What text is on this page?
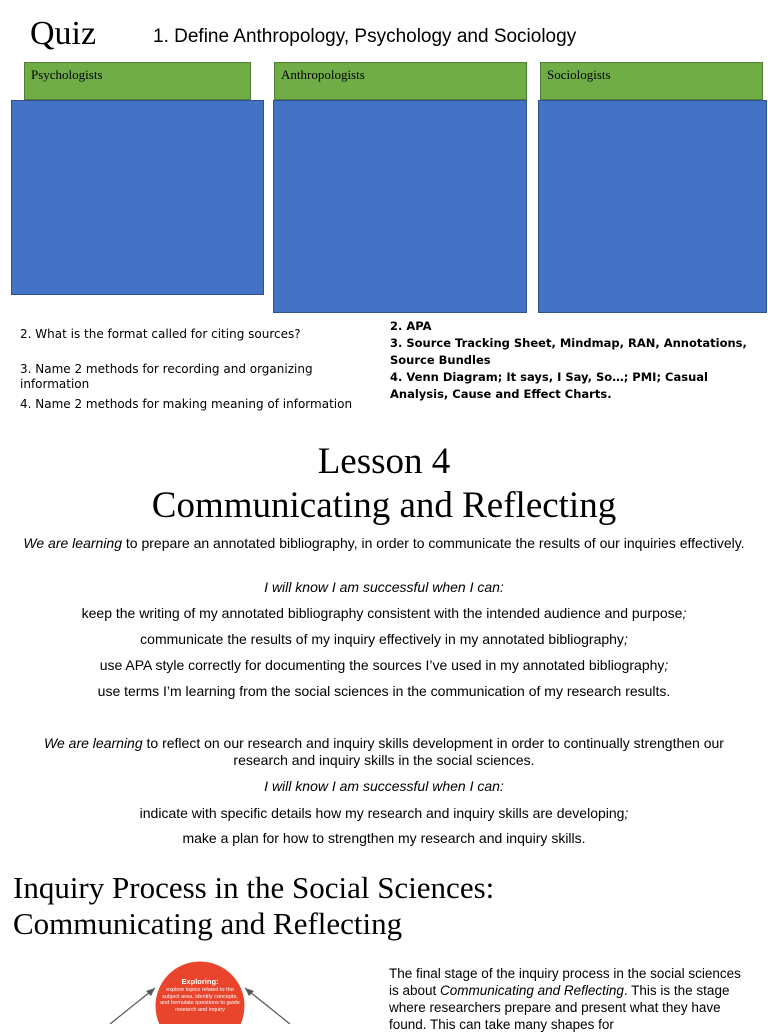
Quiz	1. Define Anthropology, Psychology and Sociology
Psychologists	Anthropologists	Sociologists
2. What is the format called for citing sources?
3. Name 2 methods for recording and organizing information
4. Name 2 methods for making meaning of information
2. APA
3. Source Tracking Sheet, Mindmap, RAN, Annotations, Source Bundles
4. Venn Diagram; It says, I Say, So…; PMI; Casual Analysis, Cause and Effect Charts.
Lesson 4
Communicating and Reflecting
We are learning to prepare an annotated bibliography, in order to communicate the results of our inquiries effectively.
I will know I am successful when I can:
keep the writing of my annotated bibliography consistent with the intended audience and purpose;
communicate the results of my inquiry effectively in my annotated bibliography;
use APA style correctly for documenting the sources I’ve used in my annotated bibliography;
use terms I’m learning from the social sciences in the communication of my research results.
We are learning to reflect on our research and inquiry skills development in order to continually strengthen our research and inquiry skills in the social sciences.
I will know I am successful when I can:
indicate with specific details how my research and inquiry skills are developing;
make a plan for how to strengthen my research and inquiry skills.
Inquiry Process in the Social Sciences:
Communicating and Reflecting
Exploring:
explore topics related to the subject area, identify concepts, and formulate questions to guide research and inquiry
The final stage of the inquiry process in the social sciences is about Communicating and Reflecting. This is the stage where researchers prepare and present what they have found. This can take many shapes for
